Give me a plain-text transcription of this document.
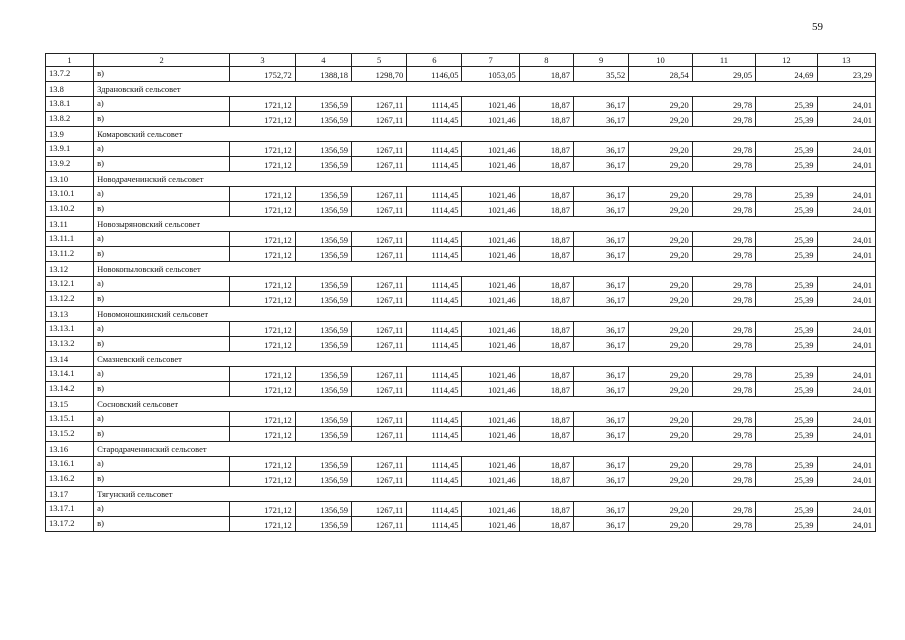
59
1	2	3	4	5	6	7	8	9	10	11	12	13
13.7.2	в)	1752,72	1388,18	1298,70	1146,05	1053,05	18,87	35,52	28,54	29,05	24,69	23,29
13.8	Здрановский сельсовет											
13.8.1	а)	1721,12	1356,59	1267,11	1114,45	1021,46	18,87	36,17	29,20	29,78	25,39	24,01
13.8.2	в)	1721,12	1356,59	1267,11	1114,45	1021,46	18,87	36,17	29,20	29,78	25,39	24,01
13.9	Комаровский сельсовет											
13.9.1	а)	1721,12	1356,59	1267,11	1114,45	1021,46	18,87	36,17	29,20	29,78	25,39	24,01
13.9.2	в)	1721,12	1356,59	1267,11	1114,45	1021,46	18,87	36,17	29,20	29,78	25,39	24,01
13.10	Новодраченинский сельсовет											
13.10.1	а)	1721,12	1356,59	1267,11	1114,45	1021,46	18,87	36,17	29,20	29,78	25,39	24,01
13.10.2	в)	1721,12	1356,59	1267,11	1114,45	1021,46	18,87	36,17	29,20	29,78	25,39	24,01
13.11	Новозыряновский сельсовет											
13.11.1	а)	1721,12	1356,59	1267,11	1114,45	1021,46	18,87	36,17	29,20	29,78	25,39	24,01
13.11.2	в)	1721,12	1356,59	1267,11	1114,45	1021,46	18,87	36,17	29,20	29,78	25,39	24,01
13.12	Новокопыловский сельсовет											
13.12.1	а)	1721,12	1356,59	1267,11	1114,45	1021,46	18,87	36,17	29,20	29,78	25,39	24,01
13.12.2	в)	1721,12	1356,59	1267,11	1114,45	1021,46	18,87	36,17	29,20	29,78	25,39	24,01
13.13	Новомоношкинский сельсовет											
13.13.1	а)	1721,12	1356,59	1267,11	1114,45	1021,46	18,87	36,17	29,20	29,78	25,39	24,01
13.13.2	в)	1721,12	1356,59	1267,11	1114,45	1021,46	18,87	36,17	29,20	29,78	25,39	24,01
13.14	Смазневский сельсовет											
13.14.1	а)	1721,12	1356,59	1267,11	1114,45	1021,46	18,87	36,17	29,20	29,78	25,39	24,01
13.14.2	в)	1721,12	1356,59	1267,11	1114,45	1021,46	18,87	36,17	29,20	29,78	25,39	24,01
13.15	Сосновский сельсовет											
13.15.1	а)	1721,12	1356,59	1267,11	1114,45	1021,46	18,87	36,17	29,20	29,78	25,39	24,01
13.15.2	в)	1721,12	1356,59	1267,11	1114,45	1021,46	18,87	36,17	29,20	29,78	25,39	24,01
13.16	Стародраченинский сельсовет											
13.16.1	а)	1721,12	1356,59	1267,11	1114,45	1021,46	18,87	36,17	29,20	29,78	25,39	24,01
13.16.2	в)	1721,12	1356,59	1267,11	1114,45	1021,46	18,87	36,17	29,20	29,78	25,39	24,01
13.17	Тягунский сельсовет											
13.17.1	а)	1721,12	1356,59	1267,11	1114,45	1021,46	18,87	36,17	29,20	29,78	25,39	24,01
13.17.2	в)	1721,12	1356,59	1267,11	1114,45	1021,46	18,87	36,17	29,20	29,78	25,39	24,01
